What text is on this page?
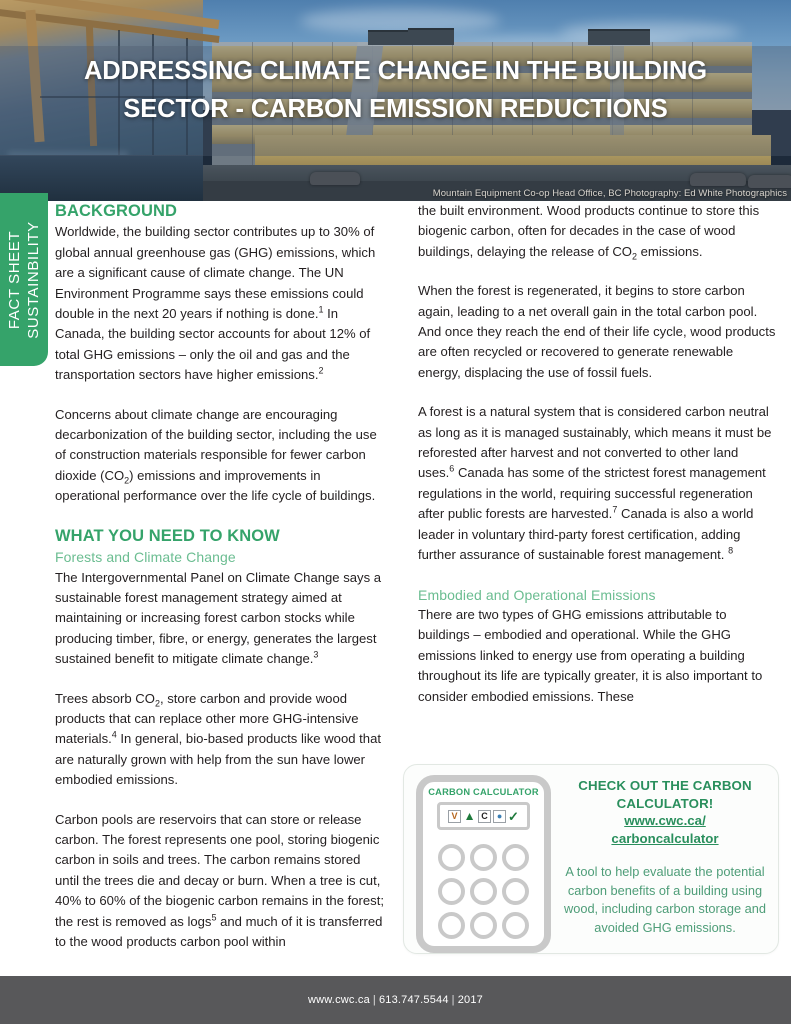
ADDRESSING CLIMATE CHANGE IN THE BUILDING
SECTOR - CARBON EMISSION REDUCTIONS
Mountain Equipment Co-op Head Office, BC Photography: Ed White Photographics
FACT SHEET SUSTAINBILITY
BACKGROUND

Worldwide, the building sector contributes up to 30% of global annual greenhouse gas (GHG) emissions, which are a significant cause of climate change. The UN Environment Programme says these emissions could double in the next 20 years if nothing is done.$^1$ In Canada, the building sector accounts for about 12% of total GHG emissions – only the oil and gas and the transportation sectors have higher emissions.$^2$

Concerns about climate change are encouraging decarbonization of the building sector, including the use of construction materials responsible for fewer carbon dioxide $(CO_2)$ emissions and improvements in operational performance over the life cycle of buildings.

WHAT YOU NEED TO KNOW
Forests and Climate Change

The Intergovernmental Panel on Climate Change says a sustainable forest management strategy aimed at maintaining or increasing forest carbon stocks while producing timber, fibre, or energy, generates the largest sustained benefit to mitigate climate change.$^3$

Trees absorb $CO_2$, store carbon and provide wood products that can replace other more GHG-intensive materials.$^4$ In general, bio-based products like wood that are naturally grown with help from the sun have lower embodied emissions.

Carbon pools are reservoirs that can store or release carbon. The forest represents one pool, storing biogenic carbon in soils and trees. The carbon remains stored until the trees die and decay or burn. When a tree is cut, 40% to 60% of the biogenic carbon remains in the forest; the rest is removed as logs$^5$ and much of it is transferred to the wood products carbon pool within

the built environment. Wood products continue to store this biogenic carbon, often for decades in the case of wood buildings, delaying the release of $CO_2$ emissions.

When the forest is regenerated, it begins to store carbon again, leading to a net overall gain in the total carbon pool. And once they reach the end of their life cycle, wood products are often recycled or recovered to generate renewable energy, displacing the use of fossil fuels.

A forest is a natural system that is considered carbon neutral as long as it is managed sustainably, which means it must be reforested after harvest and not converted to other land uses.$^6$ Canada has some of the strictest forest management regulations in the world, requiring successful regeneration after public forests are harvested.$^7$ Canada is also a world leader in voluntary third-party forest certification, adding further assurance of sustainable forest management. $^8$

Embodied and Operational Emissions

There are two types of GHG emissions attributable to buildings – embodied and operational. While the GHG emissions linked to energy use from operating a building throughout its life are typically greater, it is also important to consider embodied emissions. These

CARBON CALCULATOR
V ▲ C	● ✓
CHECK OUT THE CARBON
CALCULATOR!
www.cwc.ca/
carboncalculator
A tool to help evaluate the potential carbon benefits of a building using wood, including carbon storage and avoided GHG emissions.
www.cwc.ca | 613.747.5544 | 2017
